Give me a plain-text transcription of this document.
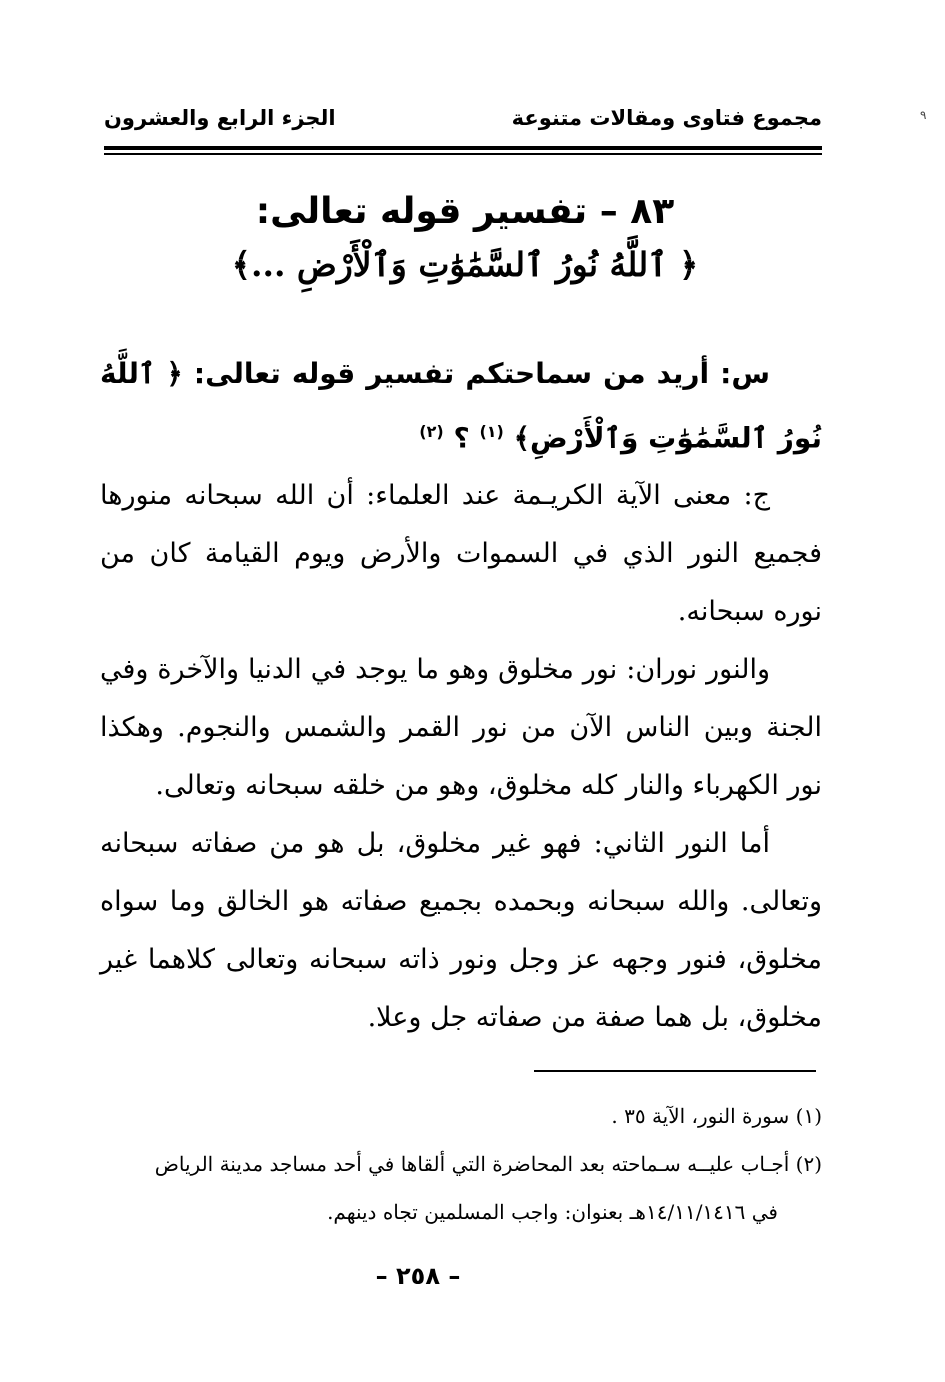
مجموع فتاوى ومقالات متنوعة
الجزء الرابع والعشرون	٩
٨٣ – تفسير قوله تعالى:
﴿ ٱللَّهُ نُورُ ٱلسَّمَٰوَٰتِ وَٱلْأَرْضِ ...﴾

س: أريد من سماحتكم تفسير قوله تعالى: ﴿ ٱللَّهُ نُورُ ٱلسَّمَٰوَٰتِ وَٱلْأَرْضِ﴾ $^{(١)}$ ؟ $^{(٢)}$

ج: معنى الآية الكريـمة عند العلماء: أن الله سبحانه منورها فجميع النور الذي في السموات والأرض ويوم القيامة كان من نوره سبحانه.

والنور نوران: نور مخلوق وهو ما يوجد في الدنيا والآخرة وفي الجنة وبين الناس الآن من نور القمر والشمس والنجوم. وهكذا نور الكهرباء والنار كله مخلوق، وهو من خلقه سبحانه وتعالى.

أما النور الثاني: فهو غير مخلوق، بل هو من صفاته سبحانه وتعالى. والله سبحانه وبحمده بجميع صفاته هو الخالق وما سواه مخلوق، فنور وجهه عز وجل ونور ذاته سبحانه وتعالى كلاهما غير مخلوق، بل هما صفة من صفاته جل وعلا.

(١) سورة النور، الآية ٣٥ .

(٢) أجـاب عليــه سـماحته بعد المحاضرة التي ألقاها في أحد مساجد مدينة الرياض

في ١٤/١١/١٤١٦هـ بعنوان: واجب المسلمين تجاه دينهم.

– ٢٥٨ –
